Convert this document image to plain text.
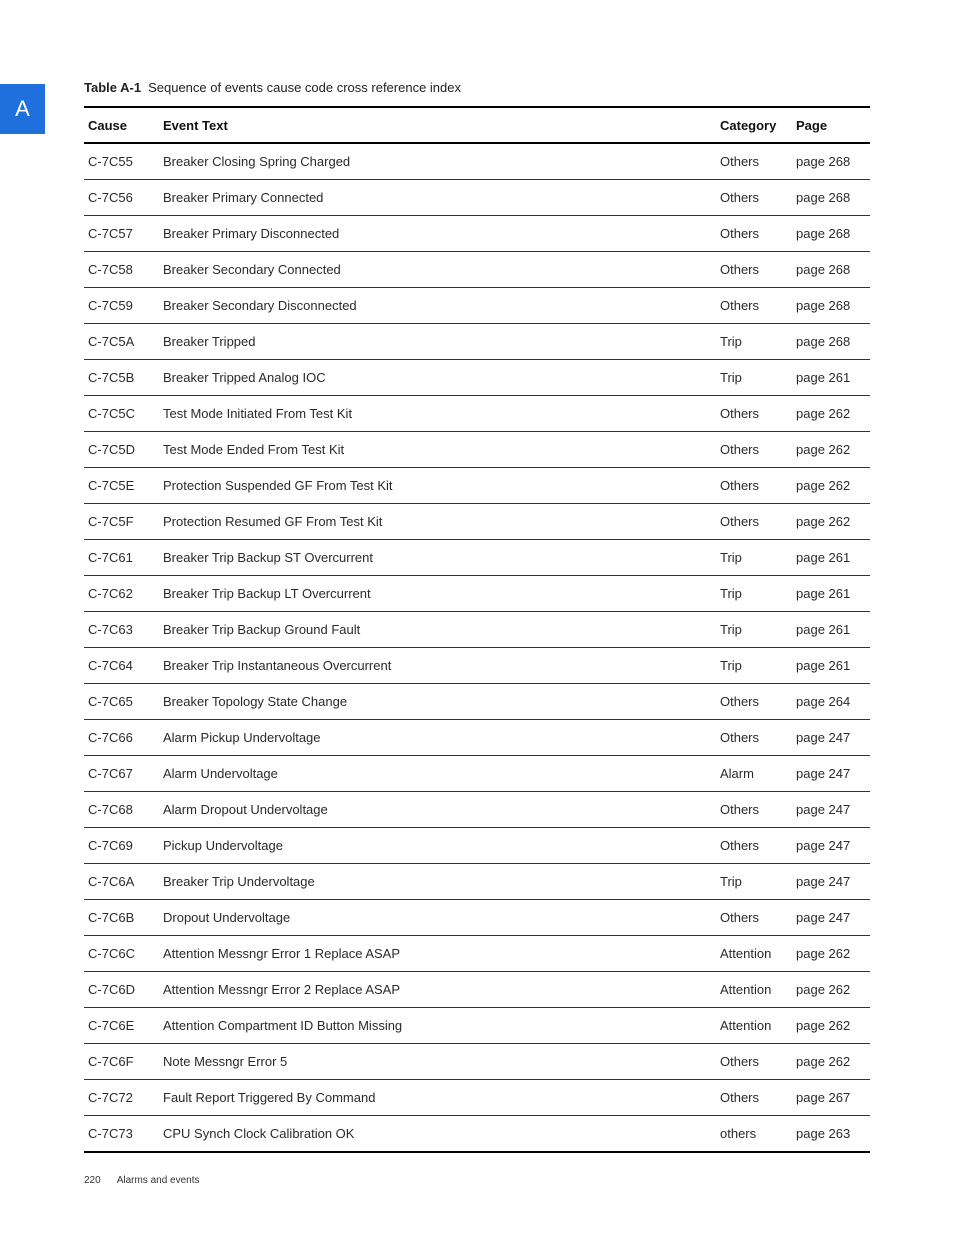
A
Table A-1 Sequence of events cause code cross reference index
Cause	Event Text	Category	Page
C-7C55	Breaker Closing Spring Charged	Others	page 268
C-7C56	Breaker Primary Connected	Others	page 268
C-7C57	Breaker Primary Disconnected	Others	page 268
C-7C58	Breaker Secondary Connected	Others	page 268
C-7C59	Breaker Secondary Disconnected	Others	page 268
C-7C5A	Breaker Tripped	Trip	page 268
C-7C5B	Breaker Tripped Analog IOC	Trip	page 261
C-7C5C	Test Mode Initiated From Test Kit	Others	page 262
C-7C5D	Test Mode Ended From Test Kit	Others	page 262
C-7C5E	Protection Suspended GF From Test Kit	Others	page 262
C-7C5F	Protection Resumed GF From Test Kit	Others	page 262
C-7C61	Breaker Trip Backup ST Overcurrent	Trip	page 261
C-7C62	Breaker Trip Backup LT Overcurrent	Trip	page 261
C-7C63	Breaker Trip Backup Ground Fault	Trip	page 261
C-7C64	Breaker Trip Instantaneous Overcurrent	Trip	page 261
C-7C65	Breaker Topology State Change	Others	page 264
C-7C66	Alarm Pickup Undervoltage	Others	page 247
C-7C67	Alarm Undervoltage	Alarm	page 247
C-7C68	Alarm Dropout Undervoltage	Others	page 247
C-7C69	Pickup Undervoltage	Others	page 247
C-7C6A	Breaker Trip Undervoltage	Trip	page 247
C-7C6B	Dropout Undervoltage	Others	page 247
C-7C6C	Attention Messngr Error 1 Replace ASAP	Attention	page 262
C-7C6D	Attention Messngr Error 2 Replace ASAP	Attention	page 262
C-7C6E	Attention Compartment ID Button Missing	Attention	page 262
C-7C6F	Note Messngr Error 5	Others	page 262
C-7C72	Fault Report Triggered By Command	Others	page 267
C-7C73	CPU Synch Clock Calibration OK	others	page 263
220 Alarms and events
